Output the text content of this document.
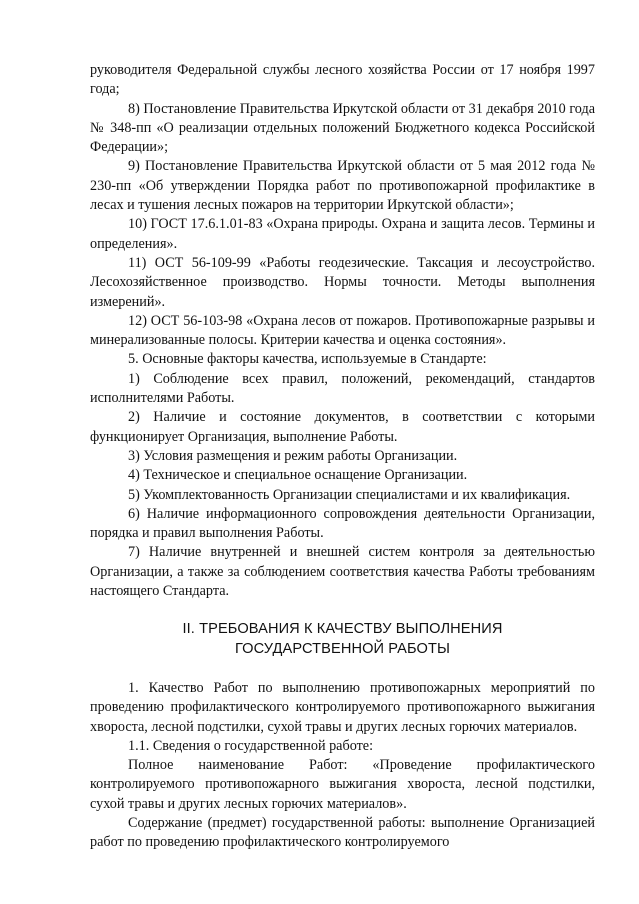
руководителя Федеральной службы лесного хозяйства России от 17 ноября 1997 года;

8) Постановление Правительства Иркутской области от 31 декабря 2010 года № 348-пп «О реализации отдельных положений Бюджетного кодекса Российской Федерации»;

9) Постановление Правительства Иркутской области от 5 мая 2012 года № 230-пп «Об утверждении Порядка работ по противопожарной профилактике в лесах и тушения лесных пожаров на территории Иркутской области»;

10) ГОСТ 17.6.1.01-83 «Охрана природы. Охрана и защита лесов. Термины и определения».

11) ОСТ 56-109-99 «Работы геодезические. Таксация и лесоустройство. Лесохозяйственное производство. Нормы точности. Методы выполнения измерений».

12) ОСТ 56-103-98 «Охрана лесов от пожаров. Противопожарные разрывы и минерализованные полосы. Критерии качества и оценка состояния».

5. Основные факторы качества, используемые в Стандарте:

1) Соблюдение всех правил, положений, рекомендаций, стандартов исполнителями Работы.

2) Наличие и состояние документов, в соответствии с которыми функционирует Организация, выполнение Работы.

3) Условия размещения и режим работы Организации.

4) Техническое и специальное оснащение Организации.

5) Укомплектованность Организации специалистами и их квалификация.

6) Наличие информационного сопровождения деятельности Организации, порядка и правил выполнения Работы.

7) Наличие внутренней и внешней систем контроля за деятельностью Организации, а также за соблюдением соответствия качества Работы требованиям настоящего Стандарта.

II. ТРЕБОВАНИЯ К КАЧЕСТВУ ВЫПОЛНЕНИЯ

ГОСУДАРСТВЕННОЙ РАБОТЫ

1. Качество Работ по выполнению противопожарных мероприятий по проведению профилактического контролируемого противопожарного выжигания хвороста, лесной подстилки, сухой травы и других лесных горючих материалов.

1.1. Сведения о государственной работе:

Полное наименование Работ: «Проведение профилактического контролируемого противопожарного выжигания хвороста, лесной подстилки, сухой травы и других лесных горючих материалов».

Содержание (предмет) государственной работы: выполнение Организацией работ по проведению профилактического контролируемого
